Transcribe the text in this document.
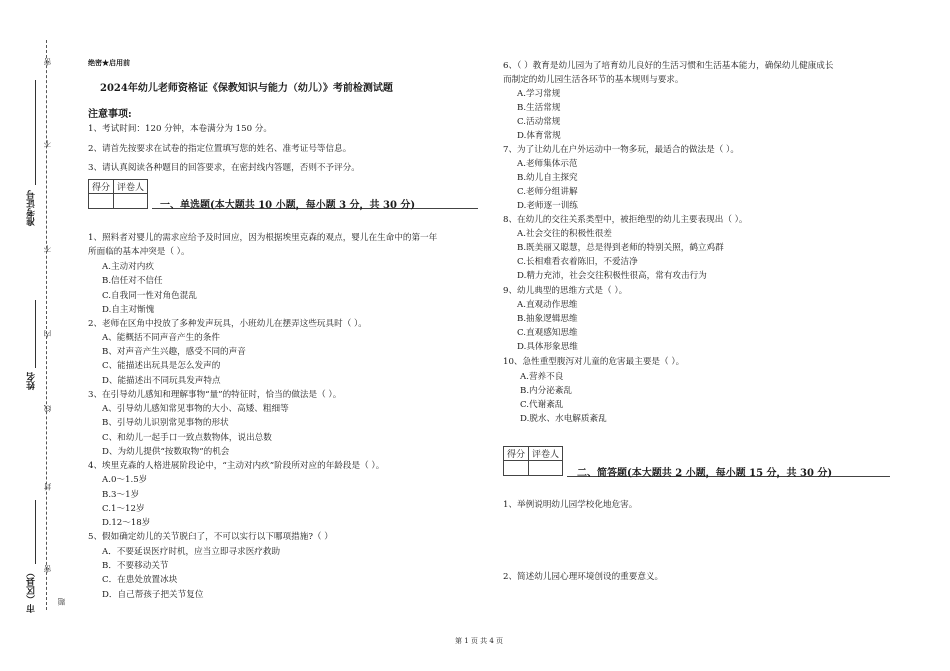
密
不
不
内
线
封
密
题
准考证号
姓名
市（区县）
绝密★启用前
2024年幼儿老师资格证《保教知识与能力（幼儿）》考前检测试题
注意事项:
1、考试时间：120 分钟，本卷满分为 150 分。
2、请首先按要求在试卷的指定位置填写您的姓名、准考证号等信息。
3、请认真阅读各种题目的回答要求，在密封线内答题，否则不予评分。
得分	评卷人

一、单选题(本大题共 10 小题，每小题 3 分，共 30 分)
1、照料者对婴儿的需求应给予及时回应，因为根据埃里克森的观点，婴儿在生命中的第一年
所面临的基本冲突是（ ）。
A.主动对内疚
B.信任对不信任
C.自我同一性对角色混乱
D.自主对惭愧
2、老师在区角中投放了多种发声玩具，小班幼儿在摆弄这些玩具时（ ）。
A、能概括不同声音产生的条件
B、对声音产生兴趣，感受不同的声音
C、能描述出玩具是怎么发声的
D、能描述出不同玩具发声特点
3、在引导幼儿感知和理解事物“量”的特征时，恰当的做法是（ ）。
A、引导幼儿感知常见事物的大小、高矮、粗细等
B、引导幼儿识别常见事物的形状
C、和幼儿一起手口一致点数物体，说出总数
D、为幼儿提供“按数取物”的机会
4、埃里克森的人格进展阶段论中，“主动对内疚”阶段所对应的年龄段是（ ）。
A.0～1.5岁
B.3～1岁
C.1～12岁
D.12～18岁
5、假如确定幼儿的关节脱臼了，不可以实行以下哪项措施?（ ）
A．不要延误医疗时机，应当立即寻求医疗救助
B．不要移动关节
C．在患处放置冰块
D．自己帮孩子把关节复位
6、（ ）教育是幼儿园为了培育幼儿良好的生活习惯和生活基本能力，确保幼儿健康成长
而制定的幼儿园生活各环节的基本规则与要求。
A.学习常规
B.生活常规
C.活动常规
D.体育常规
7、为了让幼儿在户外运动中一物多玩，最适合的做法是（ ）。
A.老师集体示范
B.幼儿自主探究
C.老师分组讲解
D.老师逐一训练
8、在幼儿的交往关系类型中，被拒绝型的幼儿主要表现出（ ）。
A.社会交往的积极性很差
B.既美丽又聪慧，总是得到老师的特别关照，鹤立鸡群
C.长相难看衣着陈旧，不爱洁净
D.精力充沛，社会交往积极性很高，常有攻击行为
9、幼儿典型的思维方式是（ ）。
A.直观动作思维
B.抽象逻辑思维
C.直观感知思维
D.具体形象思维
10、急性重型腹泻对儿童的危害最主要是（ ）。
A.营养不良
B.内分泌紊乱
C.代谢紊乱
D.脱水、水电解质紊乱
得分	评卷人

二、简答题(本大题共 2 小题，每小题 15 分，共 30 分)
1、举例说明幼儿园学校化地危害。
2、简述幼儿园心理环境创设的重要意义。
第 1 页 共 4 页
